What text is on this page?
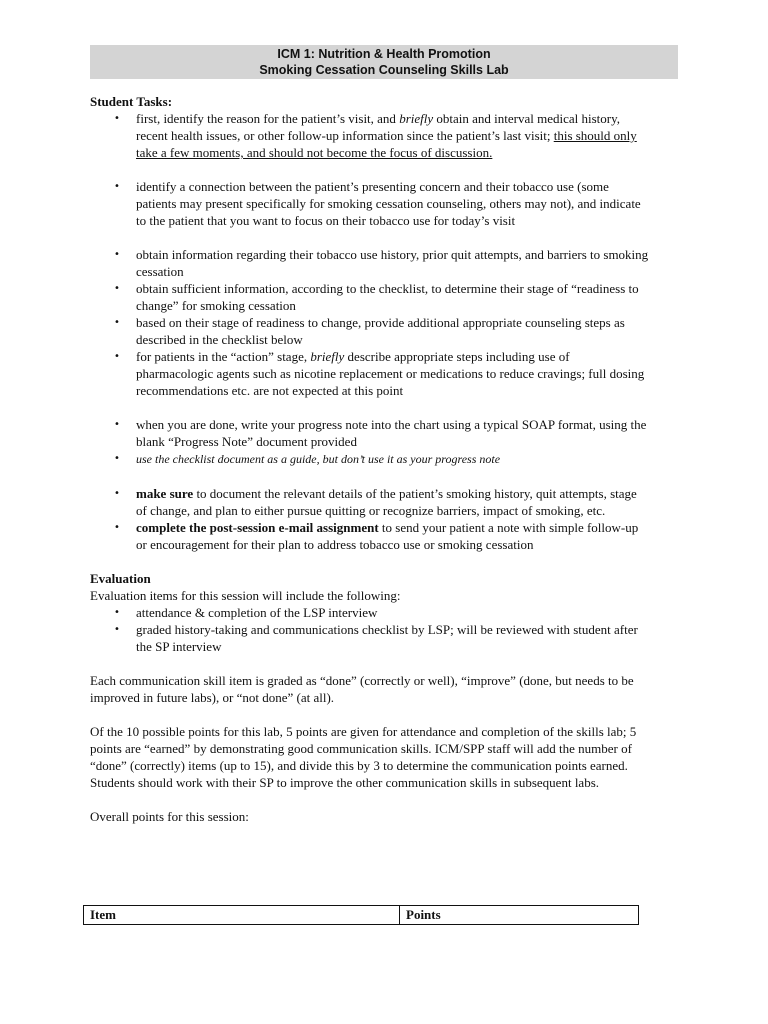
ICM 1: Nutrition & Health Promotion
Smoking Cessation Counseling Skills Lab

Student Tasks:

• first, identify the reason for the patient’s visit, and briefly obtain and interval medical history, recent health issues, or other follow-up information since the patient’s last visit; this should only take a few moments, and should not become the focus of discussion.
• identify a connection between the patient’s presenting concern and their tobacco use (some patients may present specifically for smoking cessation counseling, others may not), and indicate to the patient that you want to focus on their tobacco use for today’s visit
• obtain information regarding their tobacco use history, prior quit attempts, and barriers to smoking cessation
• obtain sufficient information, according to the checklist, to determine their stage of “readiness to change” for smoking cessation
• based on their stage of readiness to change, provide additional appropriate counseling steps as described in the checklist below
• for patients in the “action” stage, briefly describe appropriate steps including use of pharmacologic agents such as nicotine replacement or medications to reduce cravings; full dosing recommendations etc. are not expected at this point
• when you are done, write your progress note into the chart using a typical SOAP format, using the blank “Progress Note” document provided
• use the checklist document as a guide, but don’t use it as your progress note
• make sure to document the relevant details of the patient’s smoking history, quit attempts, stage of change, and plan to either pursue quitting or recognize barriers, impact of smoking, etc.
• complete the post-session e-mail assignment to send your patient a note with simple follow-up or encouragement for their plan to address tobacco use or smoking cessation

Evaluation

Evaluation items for this session will include the following:

• attendance & completion of the LSP interview
• graded history-taking and communications checklist by LSP; will be reviewed with student after the SP interview

Each communication skill item is graded as “done” (correctly or well), “improve” (done, but needs to be improved in future labs), or “not done” (at all).

Of the 10 possible points for this lab, 5 points are given for attendance and completion of the skills lab; 5 points are “earned” by demonstrating good communication skills. ICM/SPP staff will add the number of “done” (correctly) items (up to 15), and divide this by 3 to determine the communication points earned. Students should work with their SP to improve the other communication skills in subsequent labs.

Overall points for this session:

Item	Points
